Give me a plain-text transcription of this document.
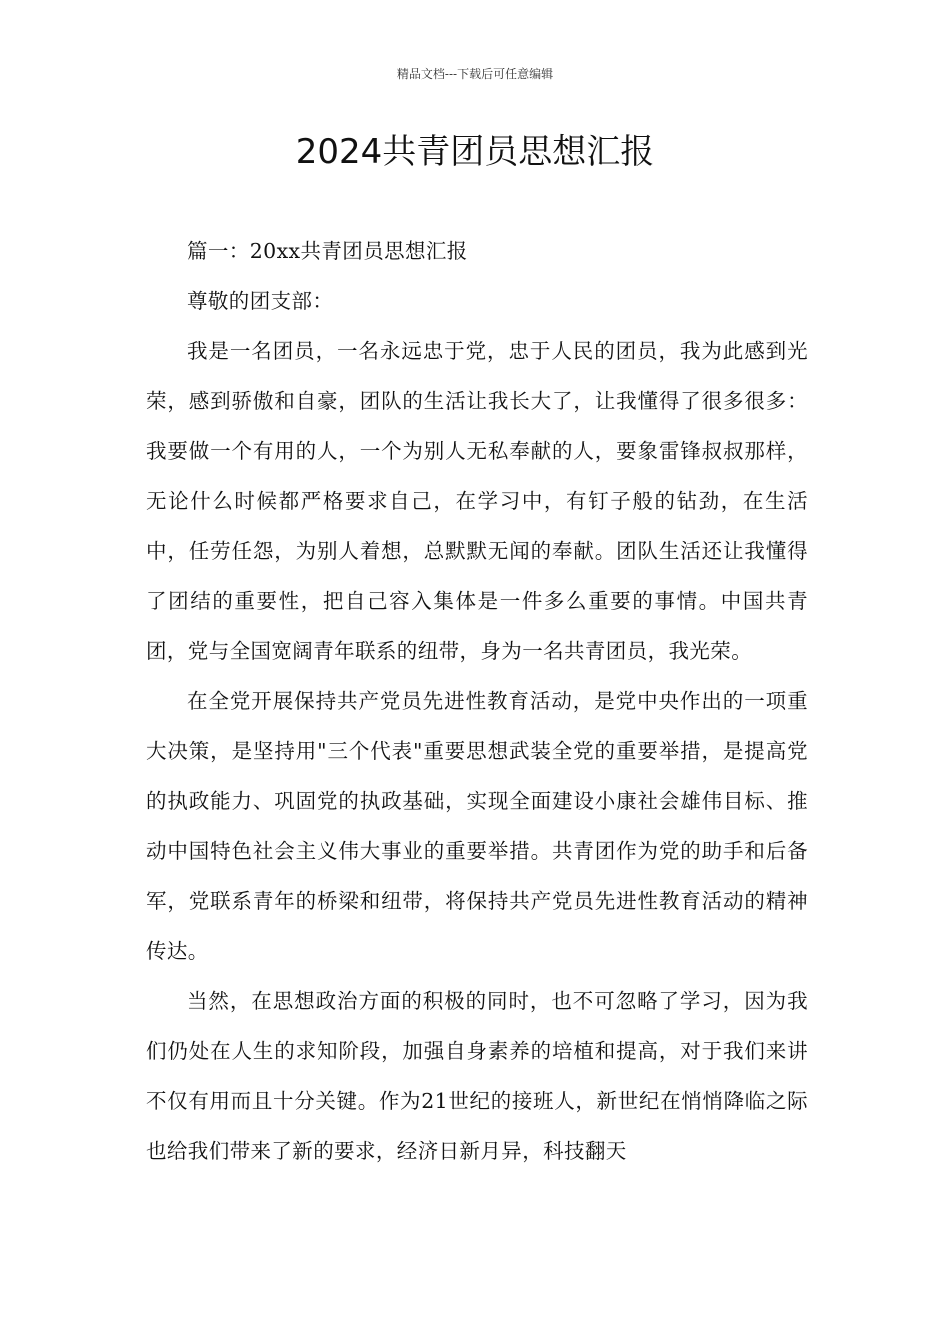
精品文档---下载后可任意编辑
2024共青团员思想汇报

篇一：20xx共青团员思想汇报

尊敬的团支部：

我是一名团员，一名永远忠于党，忠于人民的团员，我为此感到光荣，感到骄傲和自豪，团队的生活让我长大了，让我懂得了很多很多：我要做一个有用的人，一个为别人无私奉献的人，要象雷锋叔叔那样，无论什么时候都严格要求自己，在学习中，有钉子般的钻劲，在生活中，任劳任怨，为别人着想，总默默无闻的奉献。团队生活还让我懂得了团结的重要性，把自己容入集体是一件多么重要的事情。中国共青团，党与全国宽阔青年联系的纽带，身为一名共青团员，我光荣。

在全党开展保持共产党员先进性教育活动，是党中央作出的一项重大决策，是坚持用"三个代表"重要思想武装全党的重要举措，是提高党的执政能力、巩固党的执政基础，实现全面建设小康社会雄伟目标、推动中国特色社会主义伟大事业的重要举措。共青团作为党的助手和后备军，党联系青年的桥梁和纽带，将保持共产党员先进性教育活动的精神传达。

当然，在思想政治方面的积极的同时，也不可忽略了学习，因为我们仍处在人生的求知阶段，加强自身素养的培植和提高，对于我们来讲不仅有用而且十分关键。作为21世纪的接班人，新世纪在悄悄降临之际也给我们带来了新的要求，经济日新月异，科技翻天
